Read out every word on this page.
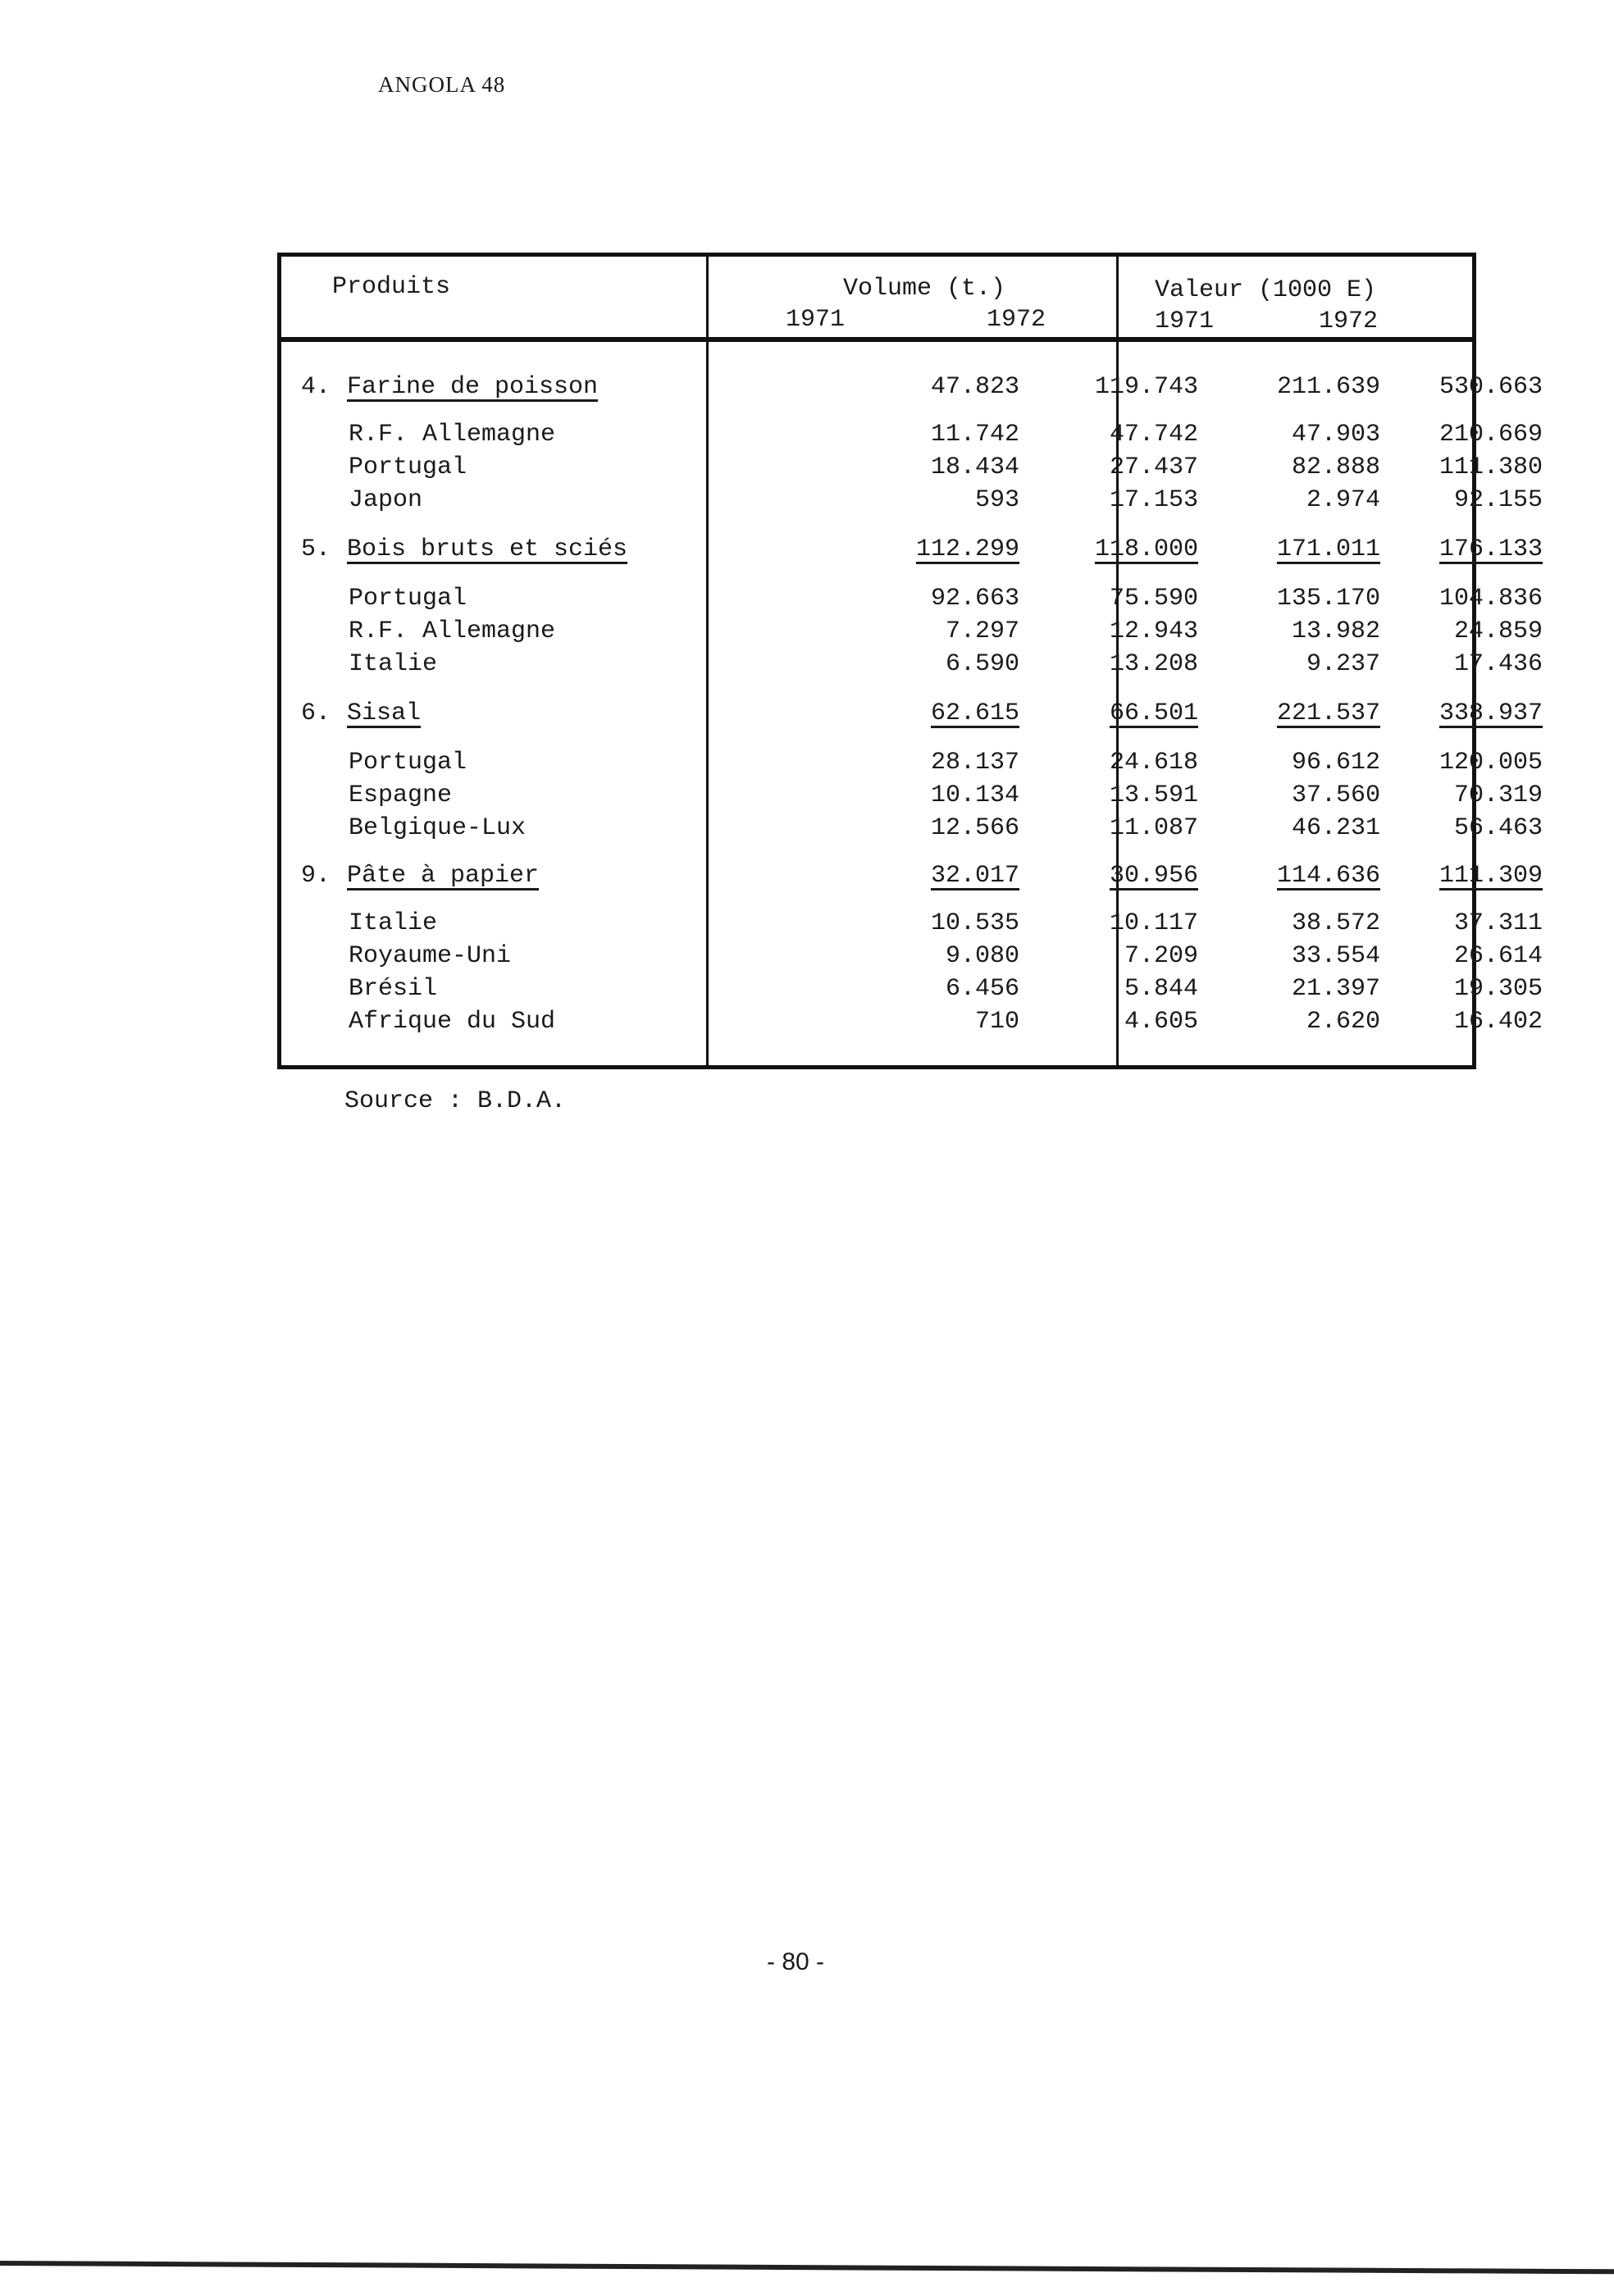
ANGOLA 48
Produits	Volume (t.)
1971	1972
Valeur (1000 E)
1971	1972
4. Farine de poisson	47.823	119.743	211.639	530.663
R.F. Allemagne	11.742	47.742	47.903	210.669
Portugal	18.434	27.437	82.888	111.380
Japon	593	17.153	2.974	92.155
5. Bois bruts et sciés	112.299	118.000	171.011	176.133
Portugal	92.663	75.590	135.170	104.836
R.F. Allemagne	7.297	12.943	13.982	24.859
Italie	6.590	13.208	9.237	17.436
6. Sisal	62.615	66.501	221.537	338.937
Portugal	28.137	24.618	96.612	120.005
Espagne	10.134	13.591	37.560	70.319
Belgique-Lux	12.566	11.087	46.231	56.463
9. Pâte à papier	32.017	30.956	114.636	111.309
Italie	10.535	10.117	38.572	37.311
Royaume-Uni	9.080	7.209	33.554	26.614
Brésil	6.456	5.844	21.397	19.305
Afrique du Sud	710	4.605	2.620	16.402
Source : B.D.A.
- 80 -
